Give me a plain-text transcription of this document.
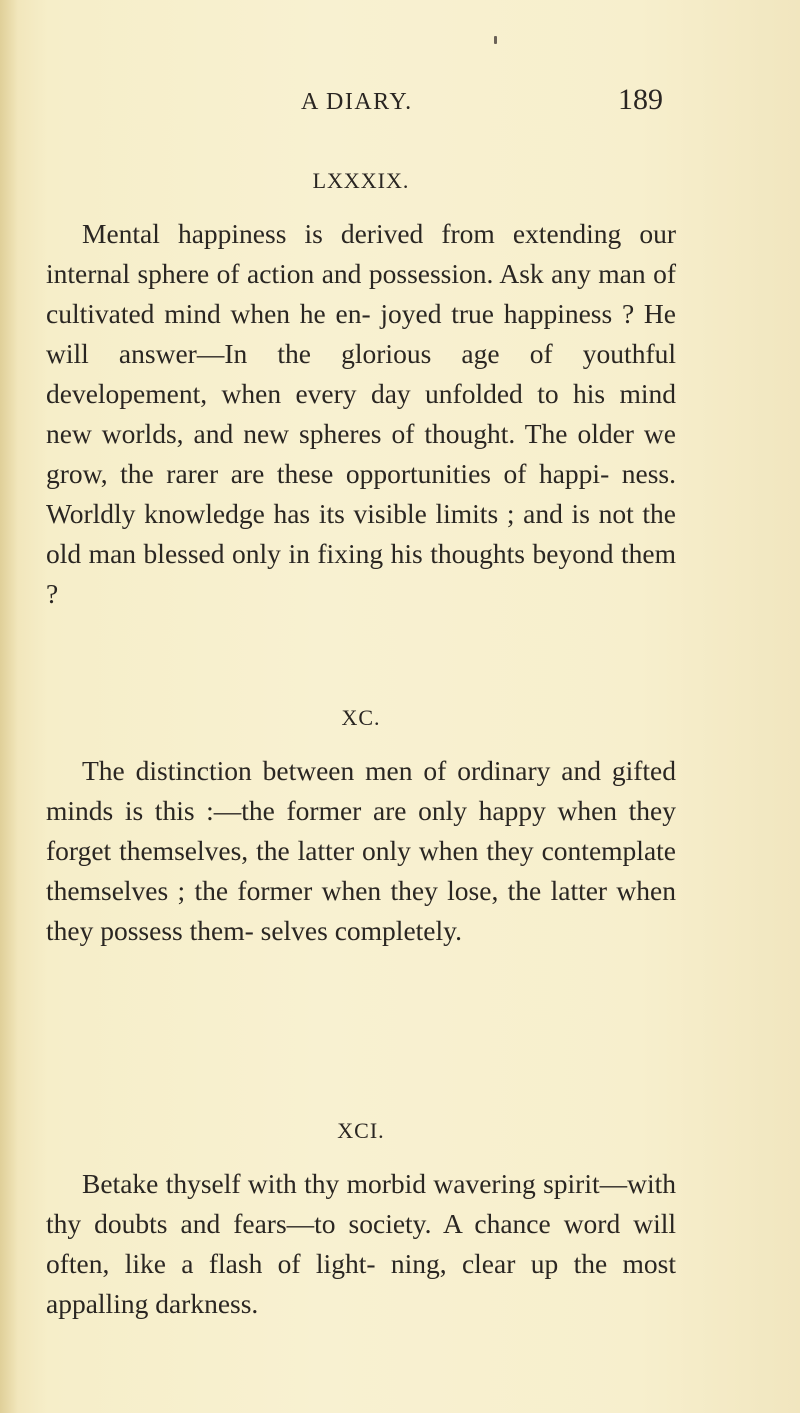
A DIARY.	189
LXXXIX.

Mental happiness is derived from extending our internal sphere of action and possession. Ask any man of cultivated mind when he en- joyed true happiness ? He will answer—In the glorious age of youthful developement, when every day unfolded to his mind new worlds, and new spheres of thought. The older we grow, the rarer are these opportunities of happi- ness. Worldly knowledge has its visible limits ; and is not the old man blessed only in fixing his thoughts beyond them ?

XC.

The distinction between men of ordinary and gifted minds is this :—the former are only happy when they forget themselves, the latter only when they contemplate themselves ; the former when they lose, the latter when they possess them- selves completely.

XCI.

Betake thyself with thy morbid wavering spirit—with thy doubts and fears—to society. A chance word will often, like a flash of light- ning, clear up the most appalling darkness.
